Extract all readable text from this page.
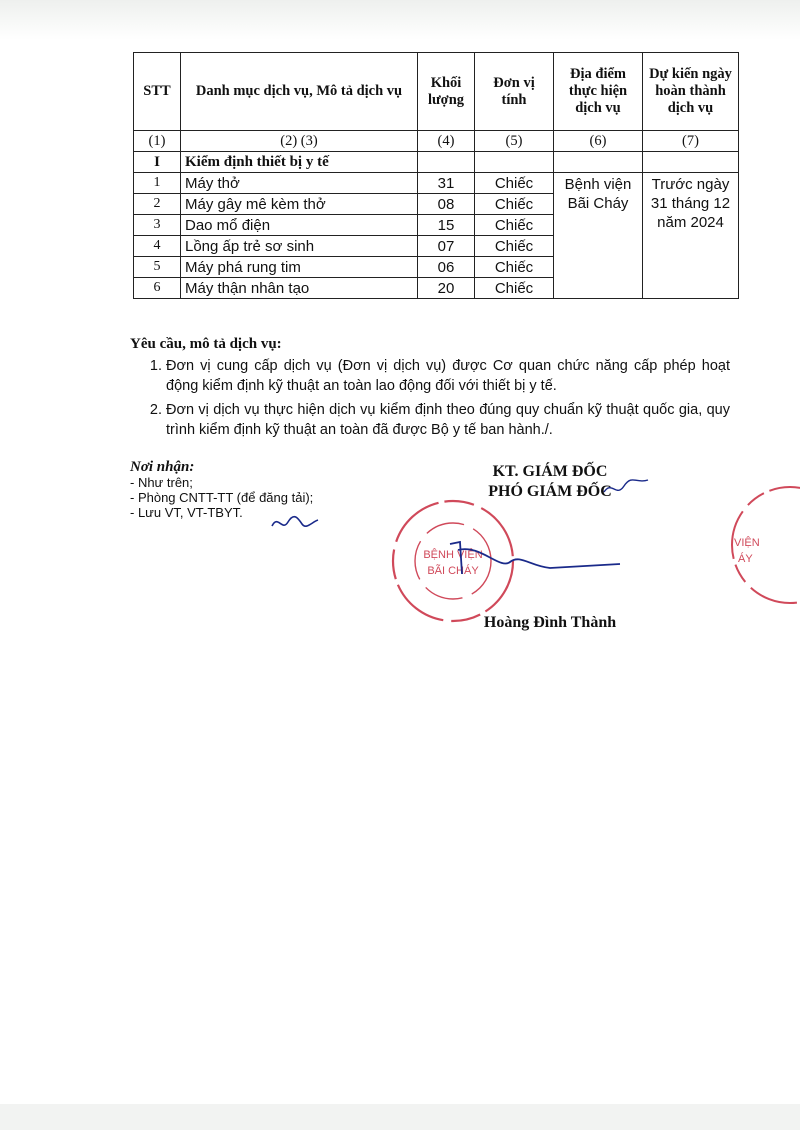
STT	Danh mục dịch vụ, Mô tả dịch vụ	Khối lượng	Đơn vị tính	Địa điểm thực hiện dịch vụ	Dự kiến ngày hoàn thành dịch vụ
(1)	(2) (3)	(4)	(5)	(6)	(7)
I	Kiểm định thiết bị y tế				
1	Máy thở	31	Chiếc	Bệnh viện Bãi Cháy	Trước ngày 31 tháng 12 năm 2024
2	Máy gây mê kèm thở	08	Chiếc		
3	Dao mổ điện	15	Chiếc		
4	Lồng ấp trẻ sơ sinh	07	Chiếc		
5	Máy phá rung tim	06	Chiếc		
6	Máy thận nhân tạo	20	Chiếc		
Yêu cầu, mô tả dịch vụ:
1. Đơn vị cung cấp dịch vụ (Đơn vị dịch vụ) được Cơ quan chức năng cấp phép hoạt động kiểm định kỹ thuật an toàn lao động đối với thiết bị y tế.
2. Đơn vị dịch vụ thực hiện dịch vụ kiểm định theo đúng quy chuẩn kỹ thuật quốc gia, quy trình kiểm định kỹ thuật an toàn đã được Bộ y tế ban hành./.
Nơi nhận:
- Như trên;
- Phòng CNTT-TT (để đăng tải);
- Lưu VT, VT-TBYT.
KT. GIÁM ĐỐC
PHÓ GIÁM ĐỐC
BỆNH VIỆN
BÃI CHÁY
VIỆN
ÁY
Hoàng Đình Thành
